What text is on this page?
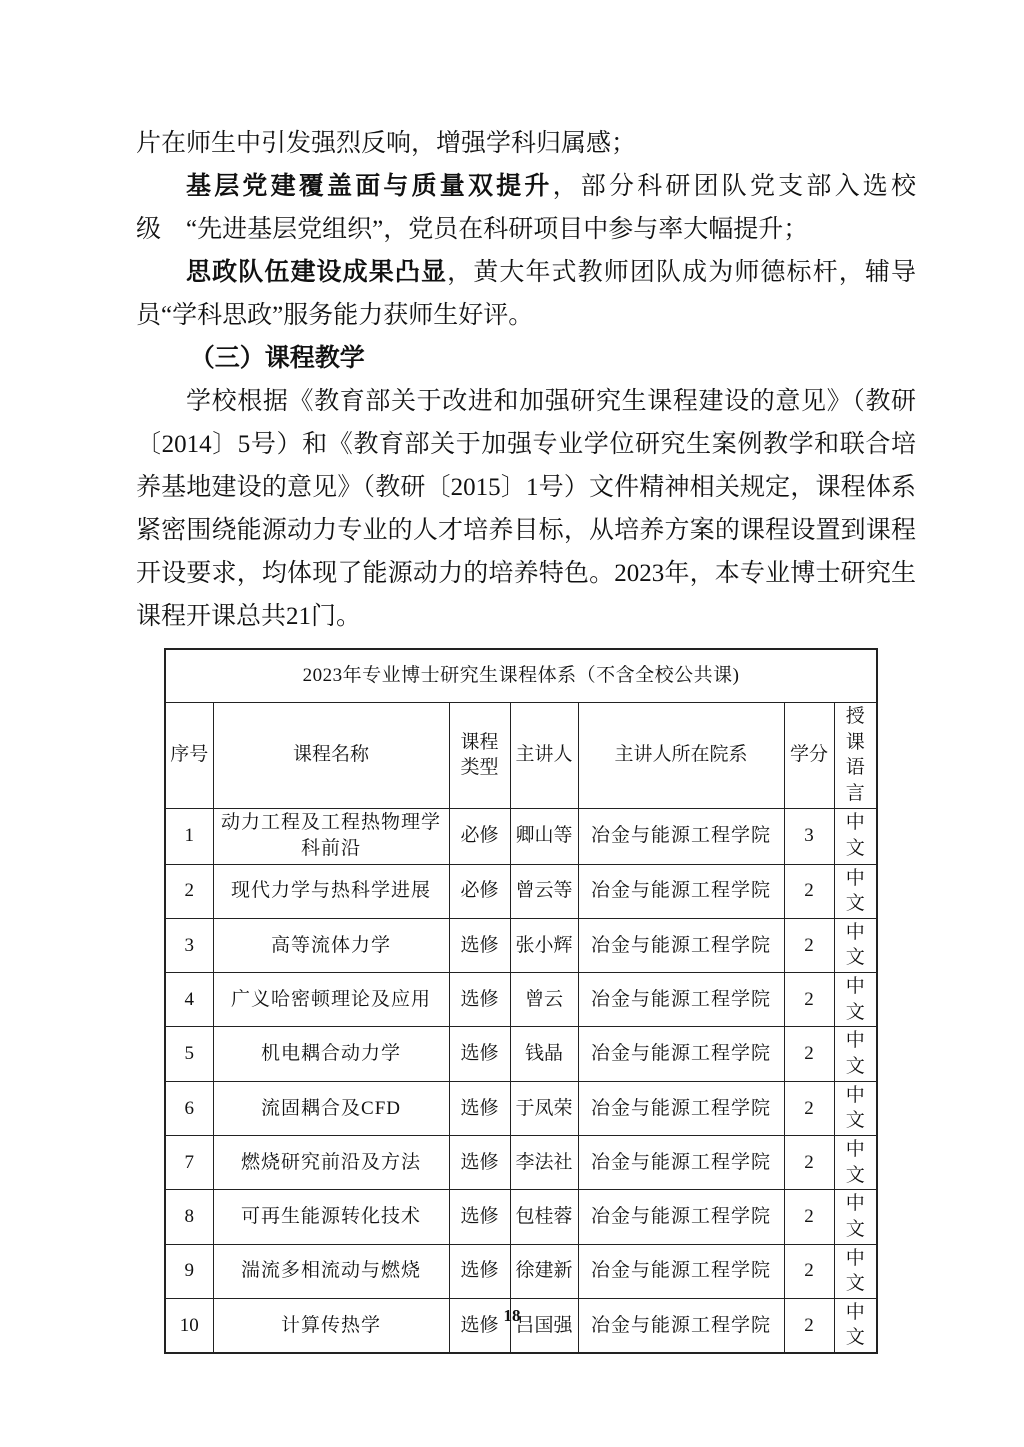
片在师生中引发强烈反响，增强学科归属感；

基层党建覆盖面与质量双提升，部分科研团队党支部入选校级　“先进基层党组织”，党员在科研项目中参与率大幅提升；

思政队伍建设成果凸显，黄大年式教师团队成为师德标杆，辅导员“学科思政”服务能力获师生好评。

（三）课程教学

学校根据《教育部关于改进和加强研究生课程建设的意见》（教研〔2014〕5号）和《教育部关于加强专业学位研究生案例教学和联合培养基地建设的意见》（教研〔2015〕1号）文件精神相关规定，课程体系紧密围绕能源动力专业的人才培养目标，从培养方案的课程设置到课程开设要求，均体现了能源动力的培养特色。2023年，本专业博士研究生课程开课总共21门。

2023年专业博士研究生课程体系（不含全校公共课)						
序号	课程名称	课程类型	主讲人	主讲人所在院系	学分	授课语言
1	动力工程及工程热物理学科前沿	必修	卿山等	冶金与能源工程学院	3	中文
2	现代力学与热科学进展	必修	曾云等	冶金与能源工程学院	2	中文
3	高等流体力学	选修	张小辉	冶金与能源工程学院	2	中文
4	广义哈密顿理论及应用	选修	曾云	冶金与能源工程学院	2	中文
5	机电耦合动力学	选修	钱晶	冶金与能源工程学院	2	中文
6	流固耦合及CFD	选修	于凤荣	冶金与能源工程学院	2	中文
7	燃烧研究前沿及方法	选修	李法社	冶金与能源工程学院	2	中文
8	可再生能源转化技术	选修	包桂蓉	冶金与能源工程学院	2	中文
9	湍流多相流动与燃烧	选修	徐建新	冶金与能源工程学院	2	中文
10	计算传热学	选修	吕国强	冶金与能源工程学院	2	中文
18
